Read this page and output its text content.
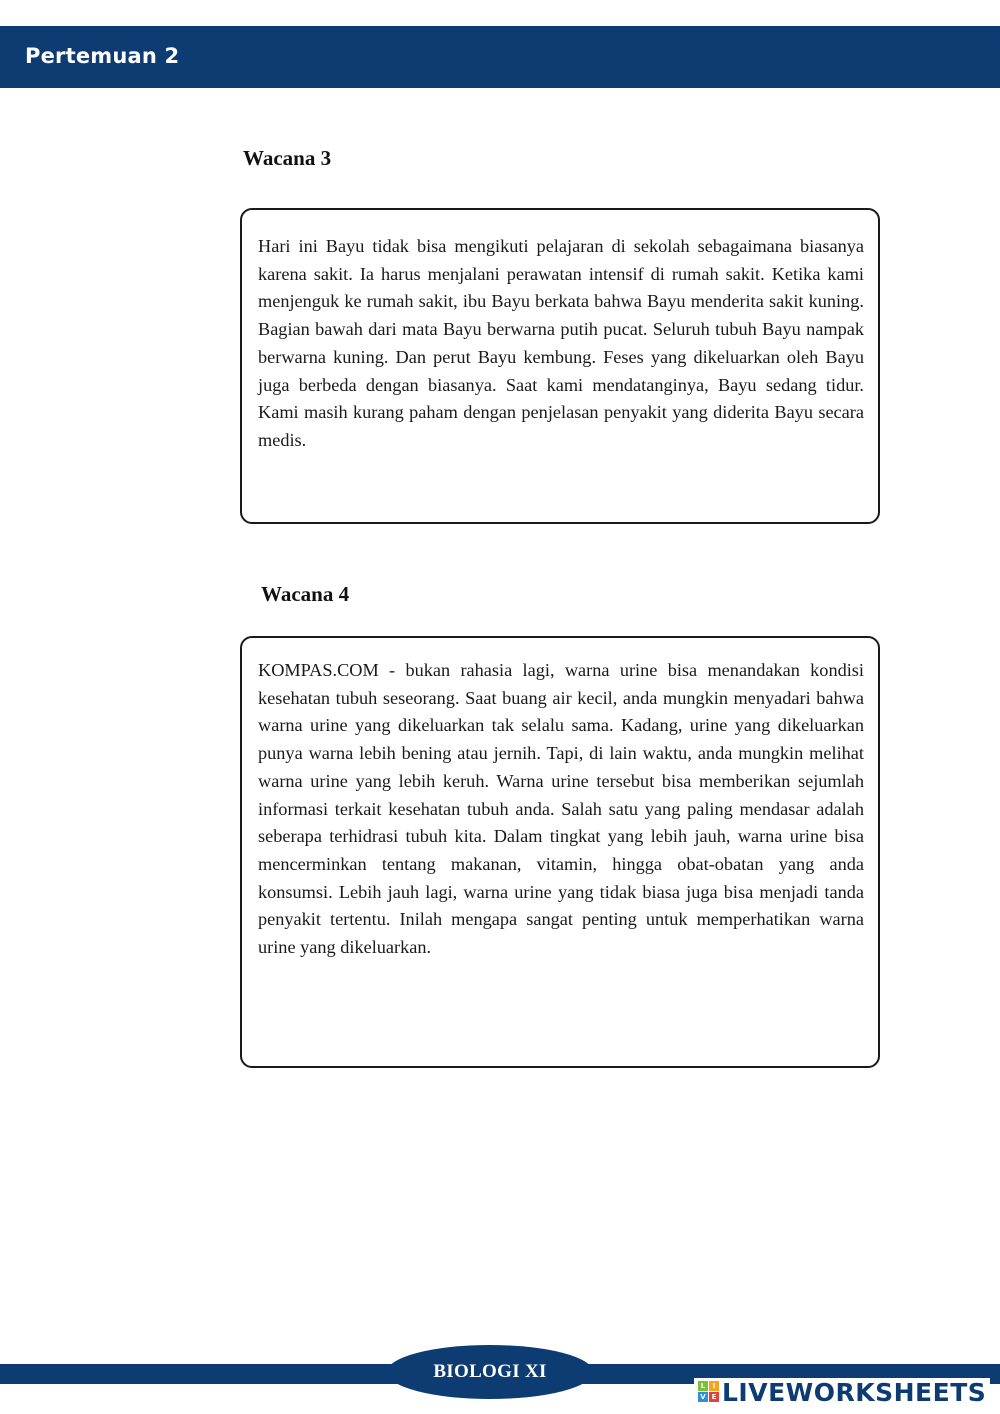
Pertemuan 2
Wacana 3

Hari ini Bayu tidak bisa mengikuti pelajaran di sekolah sebagaimana biasanya karena sakit. Ia harus menjalani perawatan intensif di rumah sakit. Ketika kami menjenguk ke rumah sakit, ibu Bayu berkata bahwa Bayu menderita sakit kuning. Bagian bawah dari mata Bayu berwarna putih pucat. Seluruh tubuh Bayu nampak berwarna kuning. Dan perut Bayu kembung. Feses yang dikeluarkan oleh Bayu juga berbeda dengan biasanya. Saat kami mendatanginya, Bayu sedang tidur. Kami masih kurang paham dengan penjelasan penyakit yang diderita Bayu secara medis.

Wacana 4

KOMPAS.COM - bukan rahasia lagi, warna urine bisa menandakan kondisi kesehatan tubuh seseorang. Saat buang air kecil, anda mungkin menyadari bahwa warna urine yang dikeluarkan tak selalu sama. Kadang, urine yang dikeluarkan punya warna lebih bening atau jernih. Tapi, di lain waktu, anda mungkin melihat warna urine yang lebih keruh. Warna urine tersebut bisa memberikan sejumlah informasi terkait kesehatan tubuh anda. Salah satu yang paling mendasar adalah seberapa terhidrasi tubuh kita. Dalam tingkat yang lebih jauh, warna urine bisa mencerminkan tentang makanan, vitamin, hingga obat-obatan yang anda konsumsi. Lebih jauh lagi, warna urine yang tidak biasa juga bisa menjadi tanda penyakit tertentu. Inilah mengapa sangat penting untuk memperhatikan warna urine yang dikeluarkan.

BIOLOGI XI
L	I
V E LIVEWORKSHEETS
